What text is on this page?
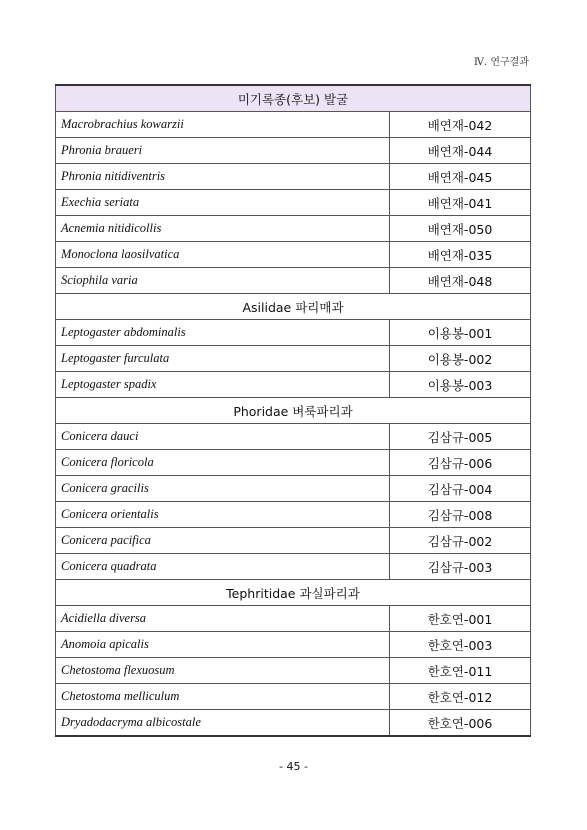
Ⅳ. 연구결과
미기록종(후보) 발굴	
Macrobrachius kowarzii	배연재-042
Phronia braueri	배연재-044
Phronia nitidiventris	배연재-045
Exechia seriata	배연재-041
Acnemia nitidicollis	배연재-050
Monoclona laosilvatica	배연재-035
Sciophila varia	배연재-048
Asilidae 파리매과	
Leptogaster abdominalis	이용봉-001
Leptogaster furculata	이용봉-002
Leptogaster spadix	이용봉-003
Phoridae 벼룩파리과	
Conicera dauci	김삼규-005
Conicera floricola	김삼규-006
Conicera gracilis	김삼규-004
Conicera orientalis	김삼규-008
Conicera pacifica	김삼규-002
Conicera quadrata	김삼규-003
Tephritidae 과실파리과	
Acidiella diversa	한호연-001
Anomoia apicalis	한호연-003
Chetostoma flexuosum	한호연-011
Chetostoma melliculum	한호연-012
Dryadodacryma albicostale	한호연-006
- 45 -
